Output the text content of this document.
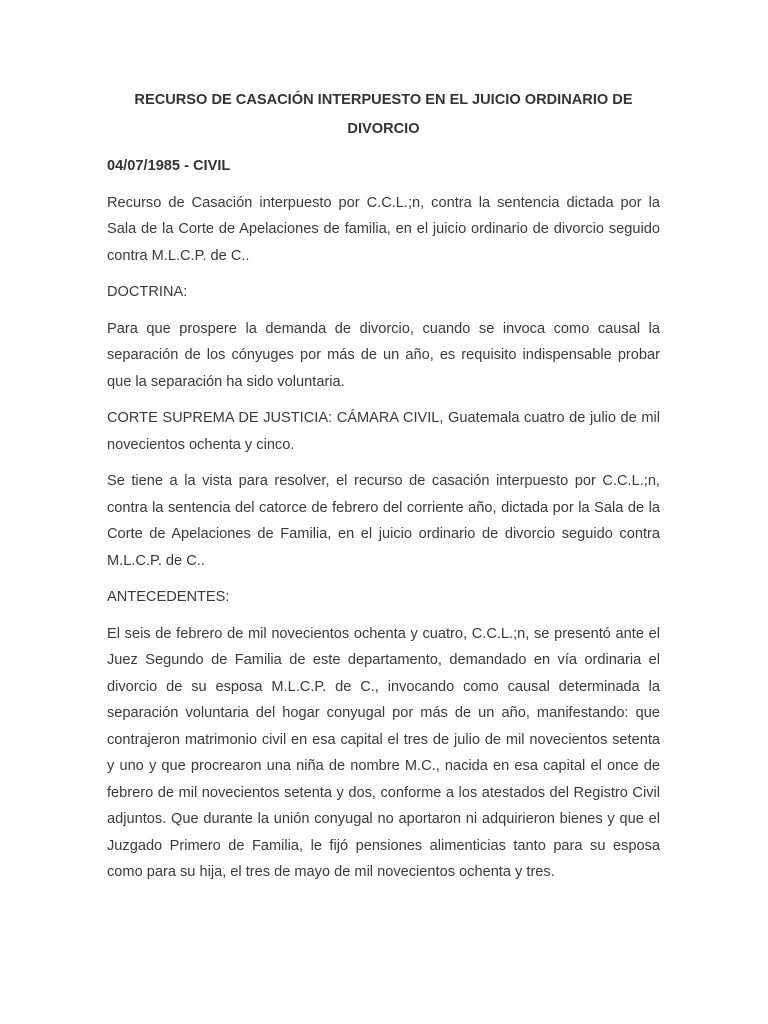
RECURSO DE CASACIÓN INTERPUESTO EN EL JUICIO ORDINARIO DE DIVORCIO
04/07/1985 - CIVIL

Recurso de Casación interpuesto por C.C.L.;n, contra la sentencia dictada por la Sala de la Corte de Apelaciones de familia, en el juicio ordinario de divorcio seguido contra M.L.C.P. de C..

DOCTRINA:

Para que prospere la demanda de divorcio, cuando se invoca como causal la separación de los cónyuges por más de un año, es requisito indispensable probar que la separación ha sido voluntaria.

CORTE SUPREMA DE JUSTICIA: CÁMARA CIVIL, Guatemala cuatro de julio de mil novecientos ochenta y cinco.

Se tiene a la vista para resolver, el recurso de casación interpuesto por C.C.L.;n, contra la sentencia del catorce de febrero del corriente año, dictada por la Sala de la Corte de Apelaciones de Familia, en el juicio ordinario de divorcio seguido contra M.L.C.P. de C..

ANTECEDENTES:

El seis de febrero de mil novecientos ochenta y cuatro, C.C.L.;n, se presentó ante el Juez Segundo de Familia de este departamento, demandado en vía ordinaria el divorcio de su esposa M.L.C.P. de C., invocando como causal determinada la separación voluntaria del hogar conyugal por más de un año, manifestando: que contrajeron matrimonio civil en esa capital el tres de julio de mil novecientos setenta y uno y que procrearon una niña de nombre M.C., nacida en esa capital el once de febrero de mil novecientos setenta y dos, conforme a los atestados del Registro Civil adjuntos. Que durante la unión conyugal no aportaron ni adquirieron bienes y que el Juzgado Primero de Familia, le fijó pensiones alimenticias tanto para su esposa como para su hija, el tres de mayo de mil novecientos ochenta y tres.
